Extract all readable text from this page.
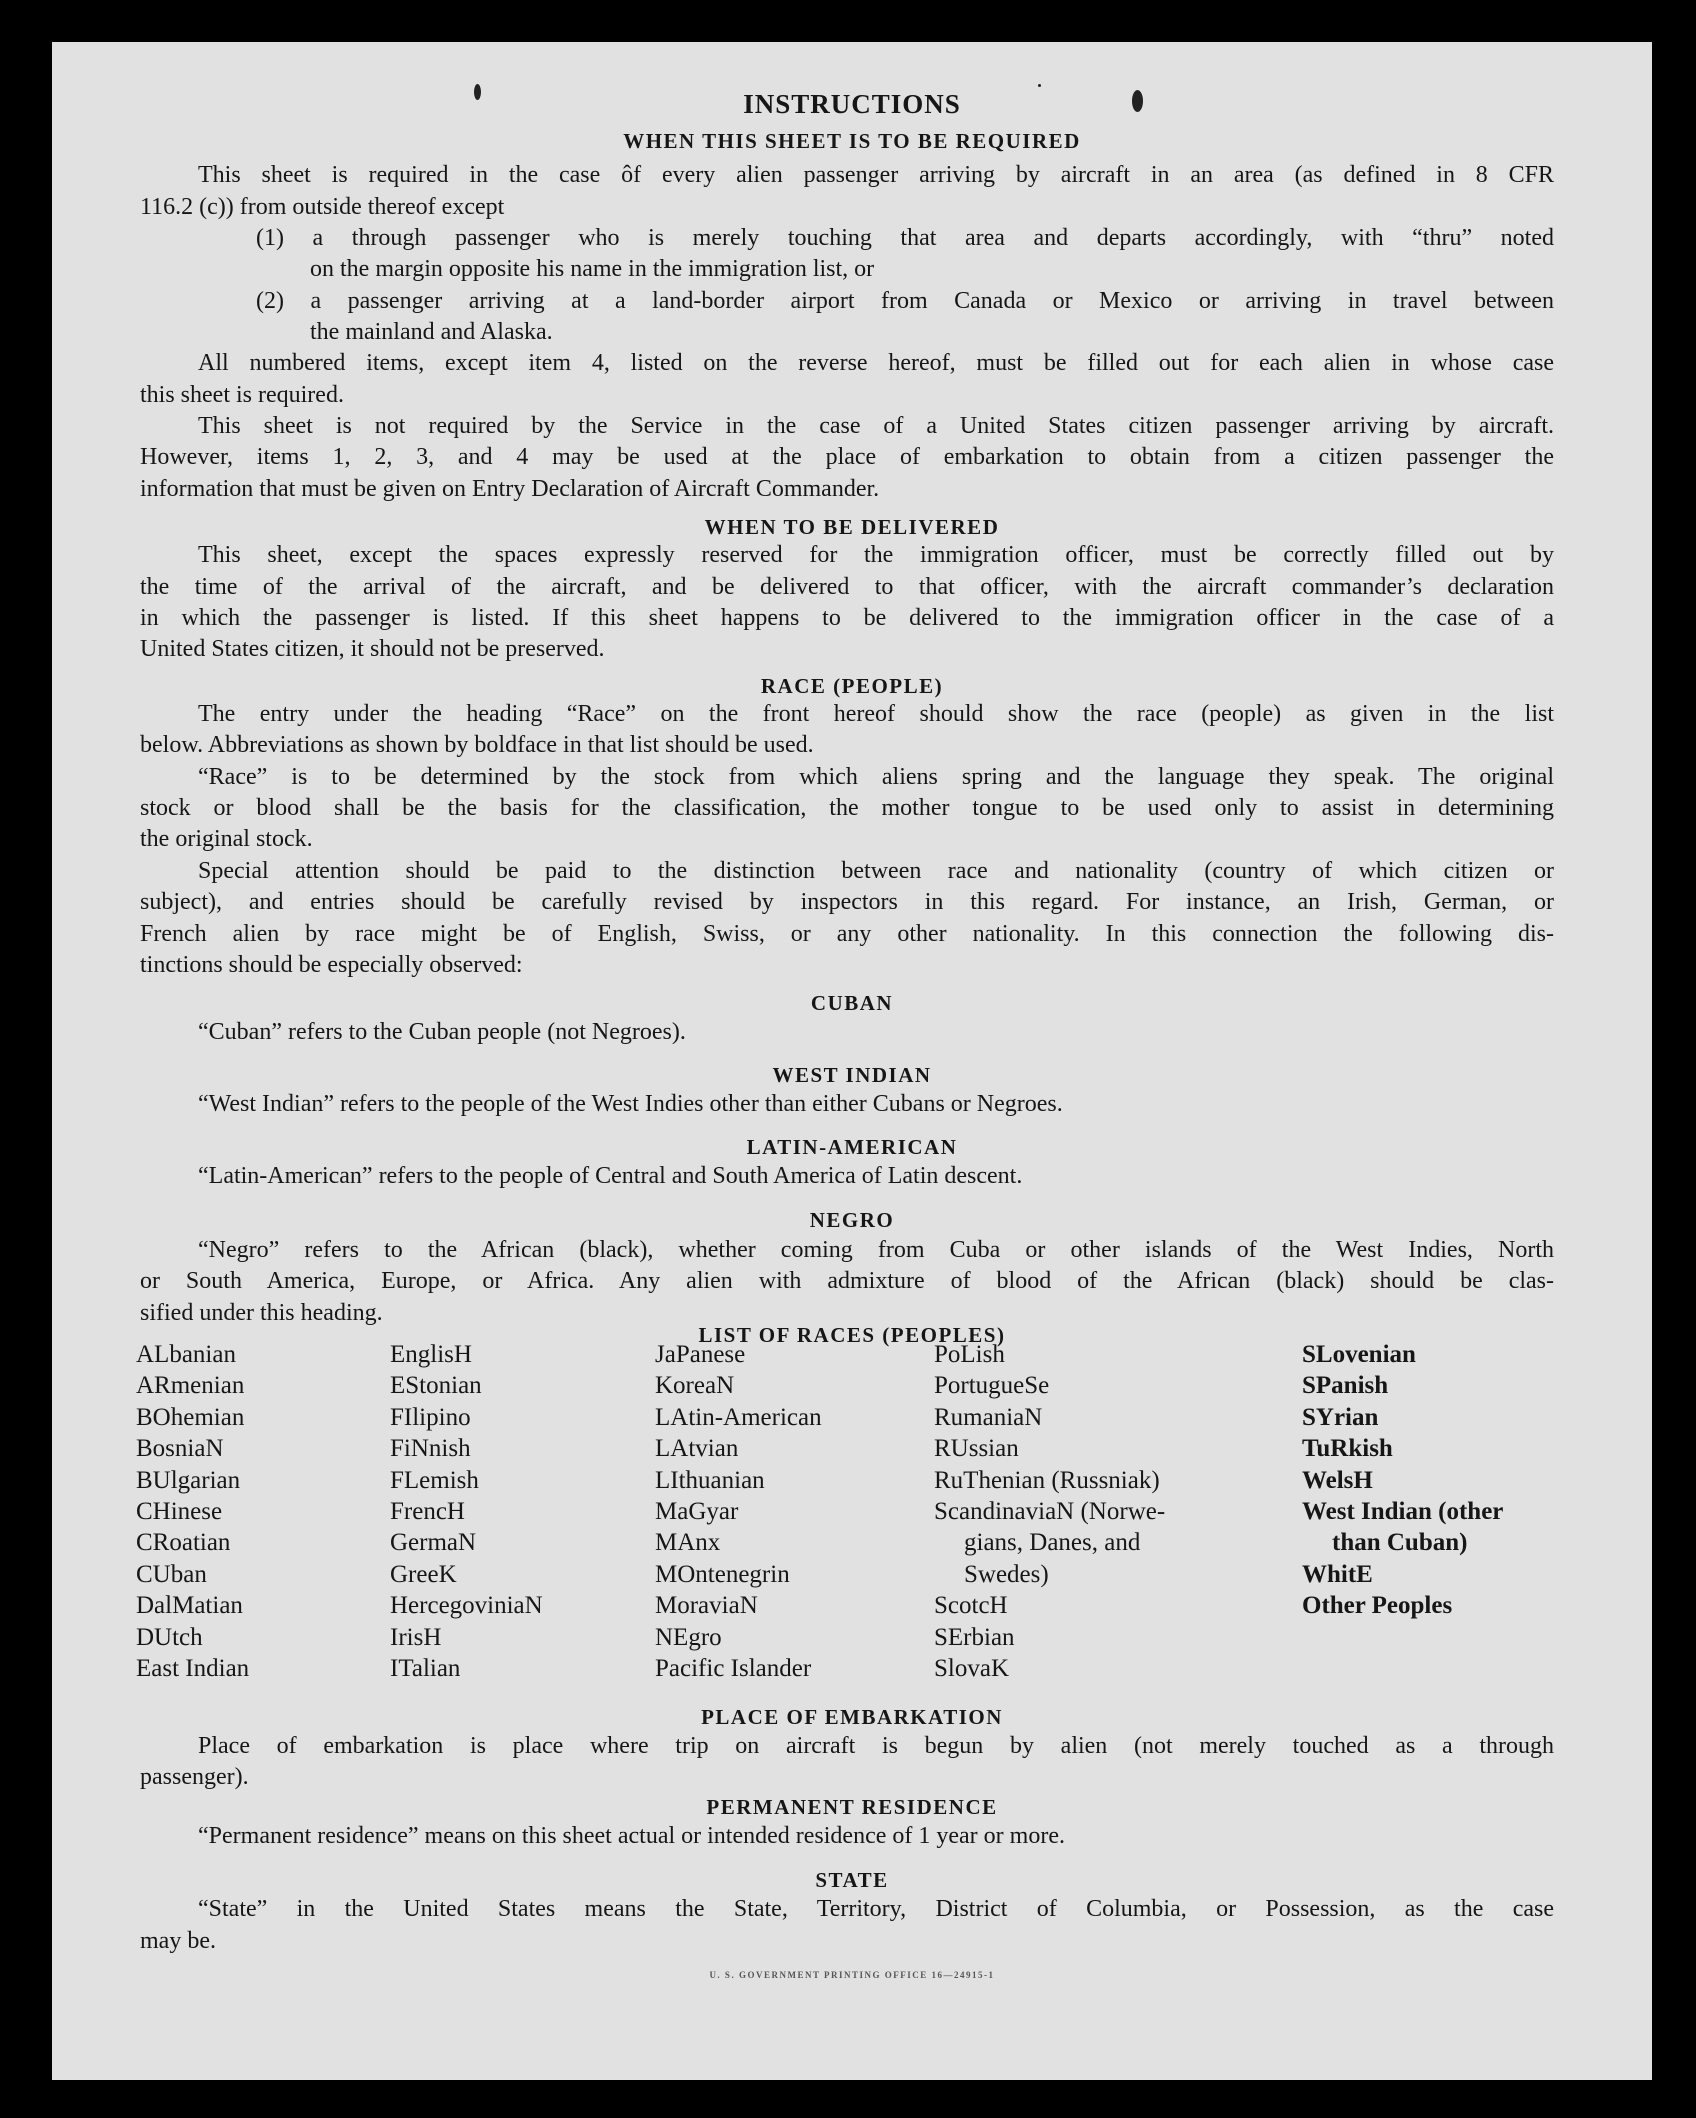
INSTRUCTIONS
WHEN THIS SHEET IS TO BE REQUIRED
This sheet is required in the case ôf every alien passenger arriving by aircraft in an area (as defined in 8 CFR
116.2 (c)) from outside thereof except
(1) a through passenger who is merely touching that area and departs accordingly, with “thru” noted
on the margin opposite his name in the immigration list, or
(2) a passenger arriving at a land-border airport from Canada or Mexico or arriving in travel between
the mainland and Alaska.
All numbered items, except item 4, listed on the reverse hereof, must be filled out for each alien in whose case
this sheet is required.
This sheet is not required by the Service in the case of a United States citizen passenger arriving by aircraft.
However, items 1, 2, 3, and 4 may be used at the place of embarkation to obtain from a citizen passenger the
information that must be given on Entry Declaration of Aircraft Commander.
WHEN TO BE DELIVERED
This sheet, except the spaces expressly reserved for the immigration officer, must be correctly filled out by
the time of the arrival of the aircraft, and be delivered to that officer, with the aircraft commander’s declaration
in which the passenger is listed. If this sheet happens to be delivered to the immigration officer in the case of a
United States citizen, it should not be preserved.
RACE (PEOPLE)
The entry under the heading “Race” on the front hereof should show the race (people) as given in the list
below. Abbreviations as shown by boldface in that list should be used.
“Race” is to be determined by the stock from which aliens spring and the language they speak. The original
stock or blood shall be the basis for the classification, the mother tongue to be used only to assist in determining
the original stock.
Special attention should be paid to the distinction between race and nationality (country of which citizen or
subject), and entries should be carefully revised by inspectors in this regard. For instance, an Irish, German, or
French alien by race might be of English, Swiss, or any other nationality. In this connection the following dis-
tinctions should be especially observed:
CUBAN
“Cuban” refers to the Cuban people (not Negroes).
WEST INDIAN
“West Indian” refers to the people of the West Indies other than either Cubans or Negroes.
LATIN-AMERICAN
“Latin-American” refers to the people of Central and South America of Latin descent.
NEGRO
“Negro” refers to the African (black), whether coming from Cuba or other islands of the West Indies, North
or South America, Europe, or Africa. Any alien with admixture of blood of the African (black) should be clas-
sified under this heading.
LIST OF RACES (PEOPLES)
ALbanian
ARmenian
BOhemian
BosniaN
BUlgarian
CHinese
CRoatian
CUban
DalMatian
DUtch
East Indian
EnglisH
EStonian
FIlipino
FiNnish
FLemish
FrencH
GermaN
GreeK
HercegoviniaN
IrisH
ITalian
JaPanese
KoreaN
LAtin-American
LAtvian
LIthuanian
MaGyar
MAnx
MOntenegrin
MoraviaN
NEgro
Pacific Islander
PoLish
PortugueSe
RumaniaN
RUssian
RuThenian (Russniak)
ScandinaviaN (Norwe-
gians, Danes, and
Swedes)
ScotcH
SErbian
SlovaK
SLovenian
SPanish
SYrian
TuRkish
WelsH
West Indian (other
than Cuban)
WhitE
Other Peoples
PLACE OF EMBARKATION
Place of embarkation is place where trip on aircraft is begun by alien (not merely touched as a through
passenger).
PERMANENT RESIDENCE
“Permanent residence” means on this sheet actual or intended residence of 1 year or more.
STATE
“State” in the United States means the State, Territory, District of Columbia, or Possession, as the case
may be.
U. S. GOVERNMENT PRINTING OFFICE 16—24915-1
